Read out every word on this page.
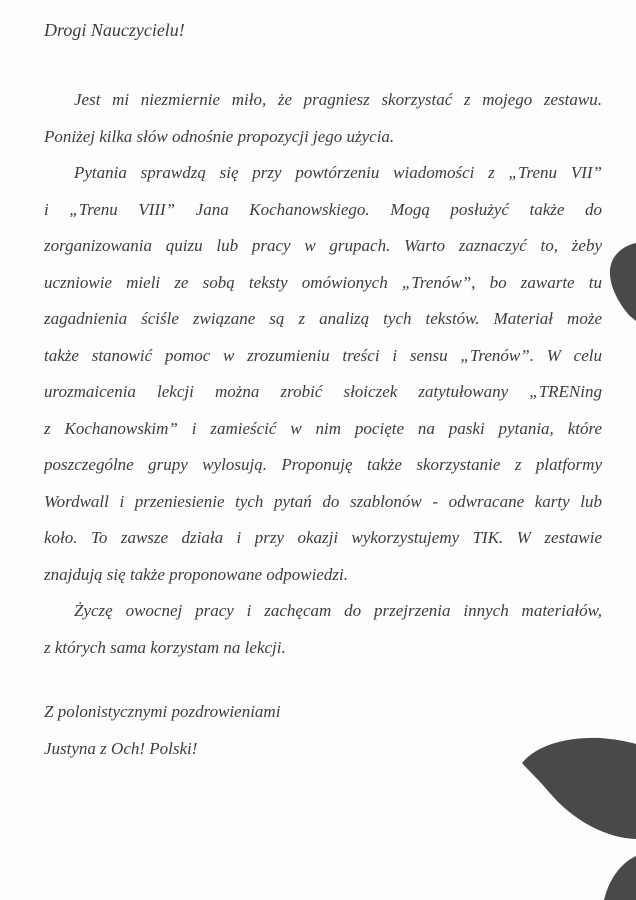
Drogi Nauczycielu!
Jest mi niezmiernie miło, że pragniesz skorzystać z mojego zestawu.
Poniżej kilka słów odnośnie propozycji jego użycia.
Pytania sprawdzą się przy powtórzeniu wiadomości z „Trenu VII”
i „Trenu VIII” Jana Kochanowskiego. Mogą posłużyć także do
zorganizowania quizu lub pracy w grupach. Warto zaznaczyć to, żeby
uczniowie mieli ze sobą teksty omówionych „Trenów”, bo zawarte tu
zagadnienia ściśle związane są z analizą tych tekstów. Materiał może
także stanowić pomoc w zrozumieniu treści i sensu „Trenów”. W celu
urozmaicenia lekcji można zrobić słoiczek zatytułowany „TRENing
z Kochanowskim” i zamieścić w nim pocięte na paski pytania, które
poszczególne grupy wylosują. Proponuję także skorzystanie z platformy
Wordwall i przeniesienie tych pytań do szablonów - odwracane karty lub
koło. To zawsze działa i przy okazji wykorzystujemy TIK. W zestawie
znajdują się także proponowane odpowiedzi.
Życzę owocnej pracy i zachęcam do przejrzenia innych materiałów,
z których sama korzystam na lekcji.
Z polonistycznymi pozdrowieniami
Justyna z Och! Polski!
